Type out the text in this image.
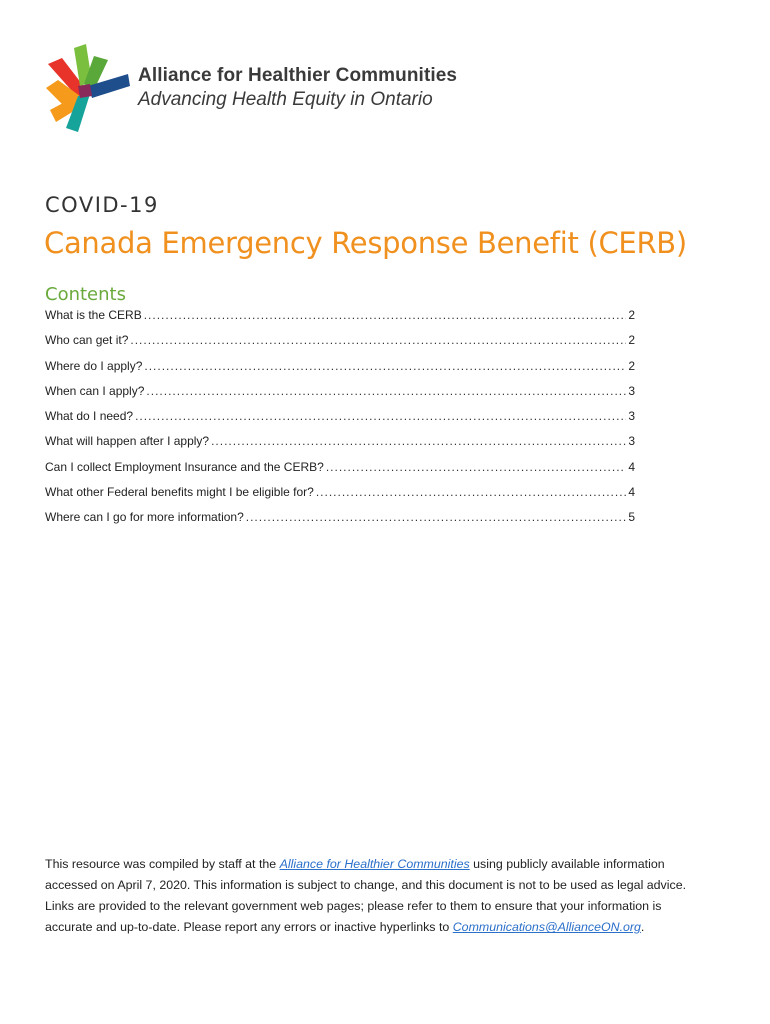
Alliance for Healthier Communities
Advancing Health Equity in Ontario
COVID-19
Canada Emergency Response Benefit (CERB)
Contents
What is the CERB .....	2
Who can get it? .....	2
Where do I apply? .....	2
When can I apply? .....	3
What do I need? .....	3
What will happen after I apply? .....	3
Can I collect Employment Insurance and the CERB? .....	4
What other Federal benefits might I be eligible for? .....	4
Where can I go for more information? .....	5

This resource was compiled by staff at the Alliance for Healthier Communities using publicly available information accessed on April 7, 2020. This information is subject to change, and this document is not to be used as legal advice. Links are provided to the relevant government web pages; please refer to them to ensure that your information is accurate and up-to-date. Please report any errors or inactive hyperlinks to Communications@AllianceON.org.
